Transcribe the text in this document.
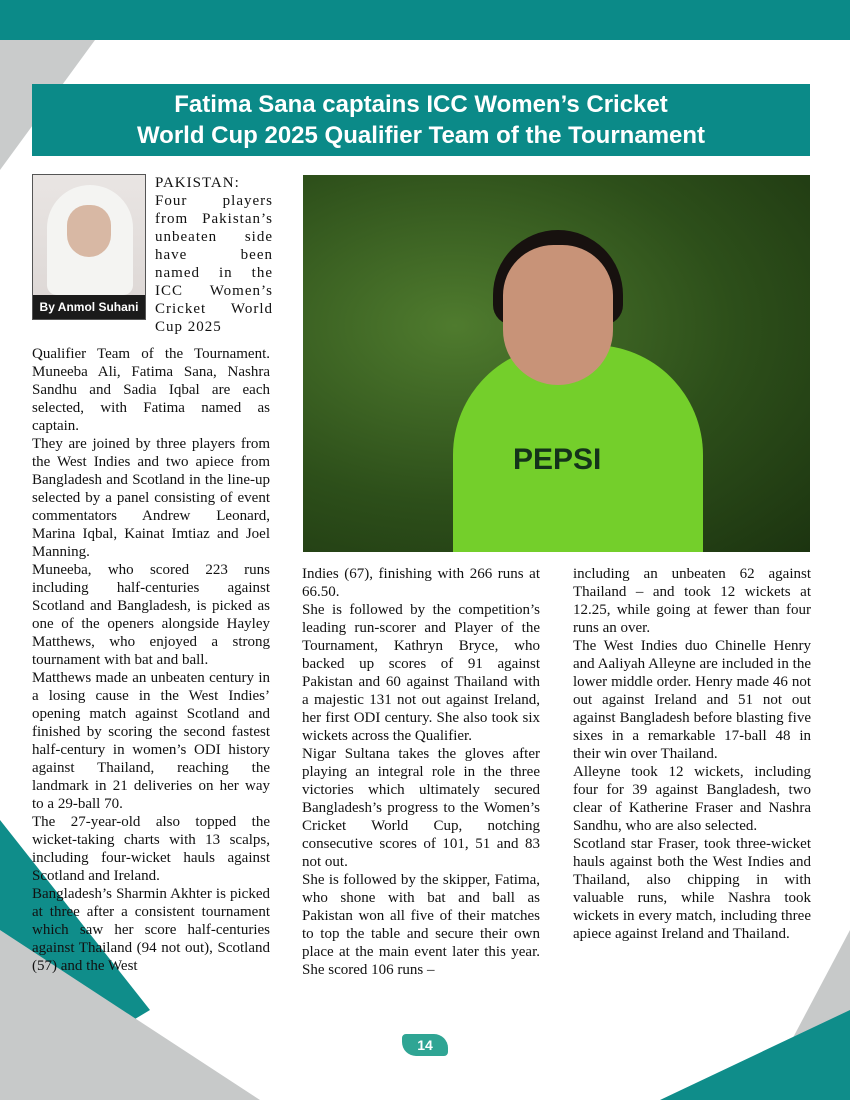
Fatima Sana captains ICC Women’s Cricket
World Cup 2025 Qualifier Team of the Tournament
By Anmol Suhani
PEPSI
PAKISTAN: Four players from Pakistan’s unbeaten side have been named in the ICC Women’s Cricket World Cup 2025

Qualifier Team of the Tournament. Muneeba Ali, Fatima Sana, Nashra Sandhu and Sadia Iqbal are each selected, with Fatima named as captain.

They are joined by three players from the West Indies and two apiece from Bangladesh and Scotland in the line-up selected by a panel consisting of event commentators Andrew Leonard, Marina Iqbal, Kainat Imtiaz and Joel Manning.

Muneeba, who scored 223 runs including half-centuries against Scotland and Bangladesh, is picked as one of the openers alongside Hayley Matthews, who enjoyed a strong tournament with bat and ball.

Matthews made an unbeaten century in a losing cause in the West Indies’ opening match against Scotland and finished by scoring the second fastest half-century in women’s ODI history against Thailand, reaching the landmark in 21 deliveries on her way to a 29-ball 70.

The 27-year-old also topped the wicket-taking charts with 13 scalps, including four-wicket hauls against Scotland and Ireland.

Bangladesh’s Sharmin Akhter is picked at three after a consistent tournament which saw her score half-centuries against Thailand (94 not out), Scotland (57) and the West

Indies (67), finishing with 266 runs at 66.50.

She is followed by the competition’s leading run-scorer and Player of the Tournament, Kathryn Bryce, who backed up scores of 91 against Pakistan and 60 against Thailand with a majestic 131 not out against Ireland, her first ODI century. She also took six wickets across the Qualifier.

Nigar Sultana takes the gloves after playing an integral role in the three victories which ultimately secured Bangladesh’s progress to the Women’s Cricket World Cup, notching consecutive scores of 101, 51 and 83 not out.

She is followed by the skipper, Fatima, who shone with bat and ball as Pakistan won all five of their matches to top the table and secure their own place at the main event later this year. She scored 106 runs –

including an unbeaten 62 against Thailand – and took 12 wickets at 12.25, while going at fewer than four runs an over.

The West Indies duo Chinelle Henry and Aaliyah Alleyne are included in the lower middle order. Henry made 46 not out against Ireland and 51 not out against Bangladesh before blasting five sixes in a remarkable 17-ball 48 in their win over Thailand.

Alleyne took 12 wickets, including four for 39 against Bangladesh, two clear of Katherine Fraser and Nashra Sandhu, who are also selected.

Scotland star Fraser, took three-wicket hauls against both the West Indies and Thailand, also chipping in with valuable runs, while Nashra took wickets in every match, including three apiece against Ireland and Thailand.

14
